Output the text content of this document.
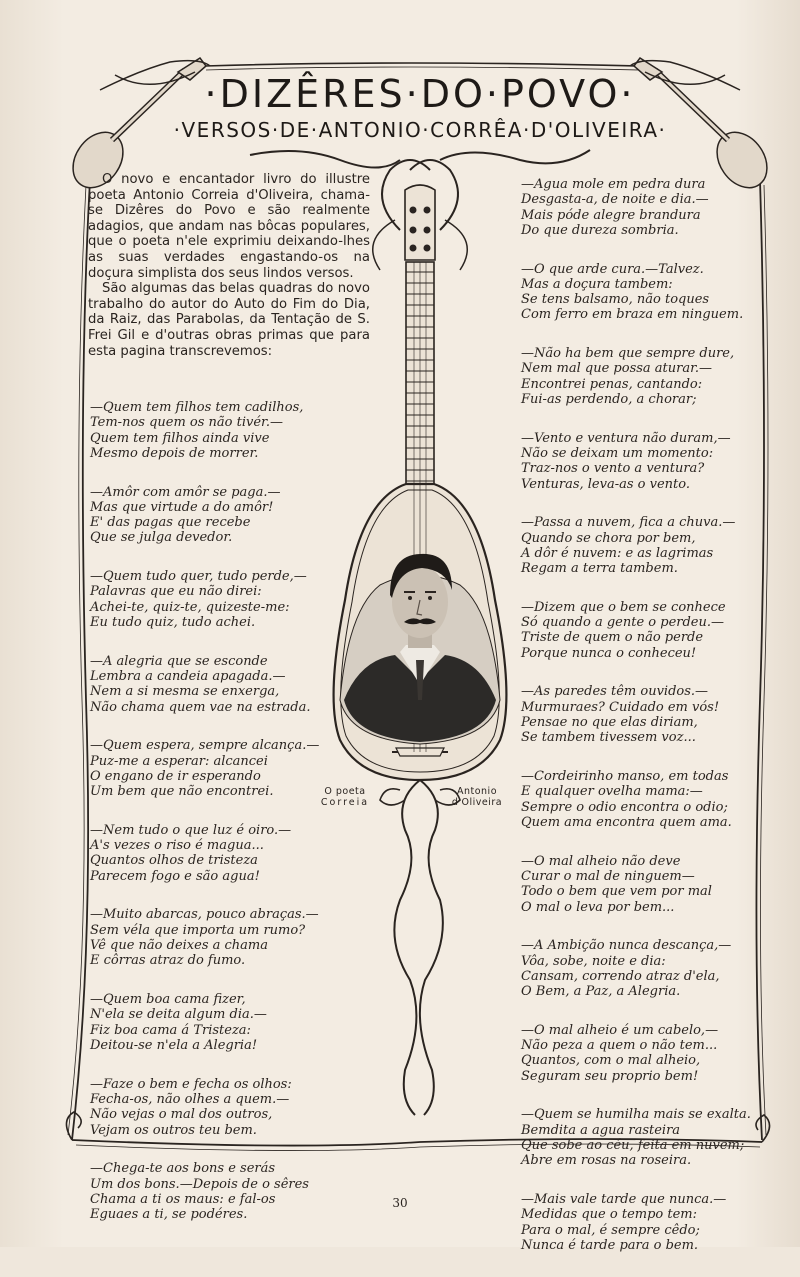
·DIZÊRES·DO·POVO·
·VERSOS·DE·ANTONIO·CORRÊA·D'OLIVEIRA·

O novo e encantador livro do illustre poeta Antonio Correia d'Oliveira, chama-se Dizêres do Povo e são realmente adagios, que andam nas bôcas populares, que o poeta n'ele exprimiu deixando-lhes as suas verdades engastando-os na doçura simplista dos seus lindos versos.

São algumas das belas quadras do novo trabalho do autor do Auto do Fim do Dia, da Raiz, das Parabolas, da Tentação de S. Frei Gil e d'outras obras primas que para esta pagina transcrevemos:

—Quem tem filhos tem cadilhos,
Tem-nos quem os não tivér.—
Quem tem filhos ainda vive
Mesmo depois de morrer.
—Amôr com amôr se paga.—
Mas que virtude a do amôr!
E' das pagas que recebe
Que se julga devedor.
—Quem tudo quer, tudo perde,—
Palavras que eu não direi:
Achei-te, quiz-te, quizeste-me:
Eu tudo quiz, tudo achei.
—A alegria que se esconde
Lembra a candeia apagada.—
Nem a si mesma se enxerga,
Não chama quem vae na estrada.
—Quem espera, sempre alcança.—
Puz-me a esperar: alcancei
O engano de ir esperando
Um bem que não encontrei.
—Nem tudo o que luz é oiro.—
A's vezes o riso é magua...
Quantos olhos de tristeza
Parecem fogo e são agua!
—Muito abarcas, pouco abraças.—
Sem véla que importa um rumo?
Vê que não deixes a chama
E côrras atraz do fumo.
—Quem boa cama fizer,
N'ela se deita algum dia.—
Fiz boa cama á Tristeza:
Deitou-se n'ela a Alegria!
—Faze o bem e fecha os olhos:
Fecha-os, não olhes a quem.—
Não vejas o mal dos outros,
Vejam os outros teu bem.
—Chega-te aos bons e serás
Um dos bons.—Depois de o sêres
Chama a ti os maus: e fal-os
Eguaes a ti, se podéres.
—Agua mole em pedra dura
Desgasta-a, de noite e dia.—
Mais póde alegre brandura
Do que dureza sombria.
—O que arde cura.—Talvez.
Mas a doçura tambem:
Se tens balsamo, não toques
Com ferro em braza em ninguem.
—Não ha bem que sempre dure,
Nem mal que possa aturar.—
Encontrei penas, cantando:
Fui-as perdendo, a chorar;
—Vento e ventura não duram,—
Não se deixam um momento:
Traz-nos o vento a ventura?
Venturas, leva-as o vento.
—Passa a nuvem, fica a chuva.—
Quando se chora por bem,
A dôr é nuvem: e as lagrimas
Regam a terra tambem.
—Dizem que o bem se conhece
Só quando a gente o perdeu.—
Triste de quem o não perde
Porque nunca o conheceu!
—As paredes têm ouvidos.—
Murmuraes? Cuidado em vós!
Pensae no que elas diriam,
Se tambem tivessem voz...
—Cordeirinho manso, em todas
E qualquer ovelha mama:—
Sempre o odio encontra o odio;
Quem ama encontra quem ama.
—O mal alheio não deve
Curar o mal de ninguem—
Todo o bem que vem por mal
O mal o leva por bem...
—A Ambição nunca descança,—
Vôa, sobe, noite e dia:
Cansam, correndo atraz d'ela,
O Bem, a Paz, a Alegria.
—O mal alheio é um cabelo,—
Não peza a quem o não tem...
Quantos, com o mal alheio,
Seguram seu proprio bem!
—Quem se humilha mais se exalta.
Bemdita a agua rasteira
Que sobe ao céu, feita em nuvem;
Abre em rosas na roseira.
—Mais vale tarde que nunca.—
Medidas que o tempo tem:
Para o mal, é sempre cêdo;
Nunca é tarde para o bem.
O poeta
Correia
Antonio
d'Oliveira
30
